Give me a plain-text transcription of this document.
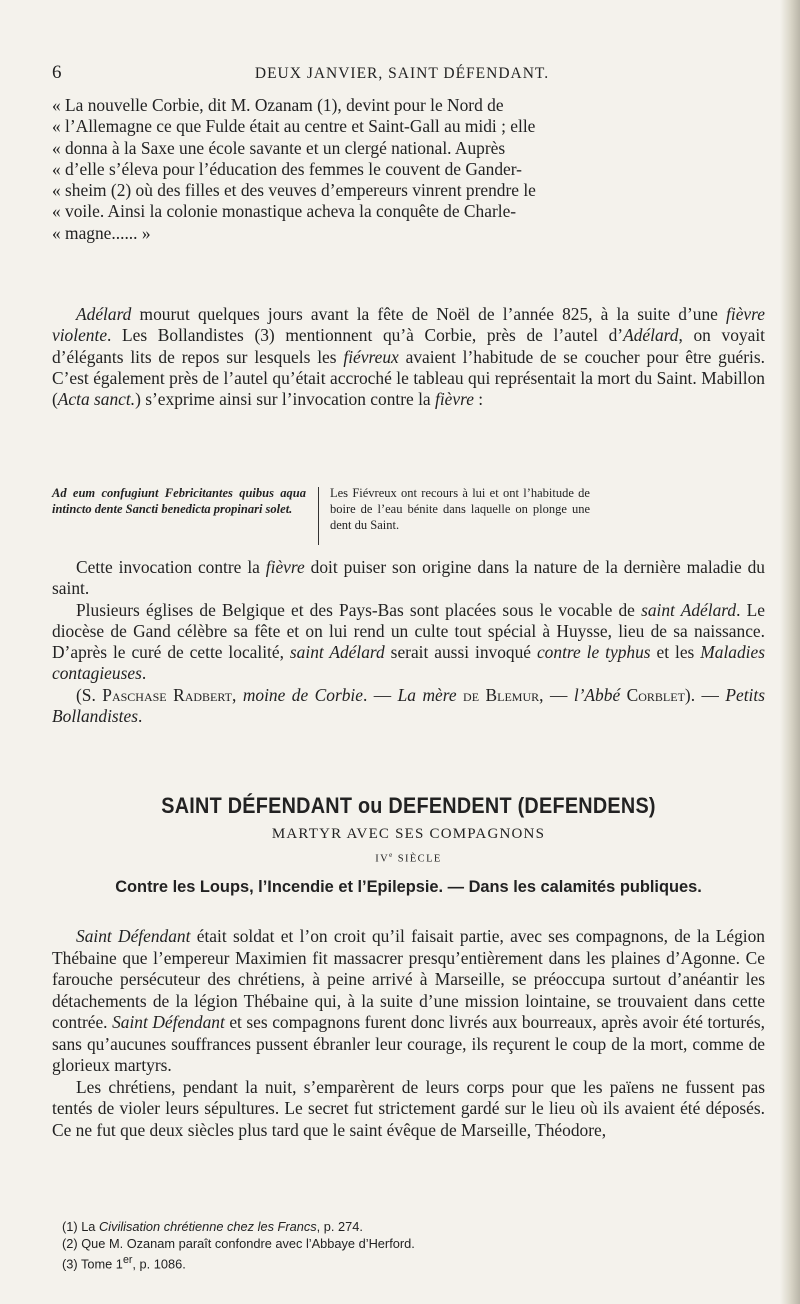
6	DEUX JANVIER, SAINT DÉFENDANT.

« La nouvelle Corbie, dit M. Ozanam (1), devint pour le Nord de

« l’Allemagne ce que Fulde était au centre et Saint-Gall au midi ; elle

« donna à la Saxe une école savante et un clergé national. Auprès

« d’elle s’éleva pour l’éducation des femmes le couvent de Gander-

« sheim (2) où des filles et des veuves d’empereurs vinrent prendre le

« voile. Ainsi la colonie monastique acheva la conquête de Charle-

« magne...... »

Adélard mourut quelques jours avant la fête de Noël de l’année 825, à la suite d’une fièvre violente. Les Bollandistes (3) mentionnent qu’à Corbie, près de l’autel d’Adélard, on voyait d’élégants lits de repos sur lesquels les fiévreux avaient l’habitude de se coucher pour être guéris. C’est également près de l’autel qu’était accroché le tableau qui représentait la mort du Saint. Mabillon (Acta sanct.) s’exprime ainsi sur l’invocation contre la fièvre :

Ad eum confugiunt Febricitantes quibus aqua intincto dente Sancti benedicta propinari solet.
Les Fiévreux ont recours à lui et ont l’habitude de boire de l’eau bénite dans laquelle on plonge une dent du Saint.

Cette invocation contre la fièvre doit puiser son origine dans la nature de la dernière maladie du saint.

Plusieurs églises de Belgique et des Pays-Bas sont placées sous le vocable de saint Adélard. Le diocèse de Gand célèbre sa fête et on lui rend un culte tout spécial à Huysse, lieu de sa naissance. D’après le curé de cette localité, saint Adélard serait aussi invoqué contre le typhus et les Maladies contagieuses.

(S. Paschase Radbert, moine de Corbie. — La mère de Blemur, — l’Abbé Corblet). — Petits Bollandistes.

SAINT DÉFENDANT ou DEFENDENT (DEFENDENS)
MARTYR AVEC SES COMPAGNONS
IVe SIÈCLE
Contre les Loups, l’Incendie et l’Epilepsie. — Dans les calamités publiques.

Saint Défendant était soldat et l’on croit qu’il faisait partie, avec ses compagnons, de la Légion Thébaine que l’empereur Maximien fit massacrer presqu’entièrement dans les plaines d’Agonne. Ce farouche persécuteur des chrétiens, à peine arrivé à Marseille, se préoccupa surtout d’anéantir les détachements de la légion Thébaine qui, à la suite d’une mission lointaine, se trouvaient dans cette contrée. Saint Défendant et ses compagnons furent donc livrés aux bourreaux, après avoir été torturés, sans qu’aucunes souffrances pussent ébranler leur courage, ils reçurent le coup de la mort, comme de glorieux martyrs.

Les chrétiens, pendant la nuit, s’emparèrent de leurs corps pour que les païens ne fussent pas tentés de violer leurs sépultures. Le secret fut strictement gardé sur le lieu où ils avaient été déposés. Ce ne fut que deux siècles plus tard que le saint évêque de Marseille, Théodore,

(1) La Civilisation chrétienne chez les Francs, p. 274.

(2) Que M. Ozanam paraît confondre avec l’Abbaye d’Herford.

(3) Tome 1er, p. 1086.
